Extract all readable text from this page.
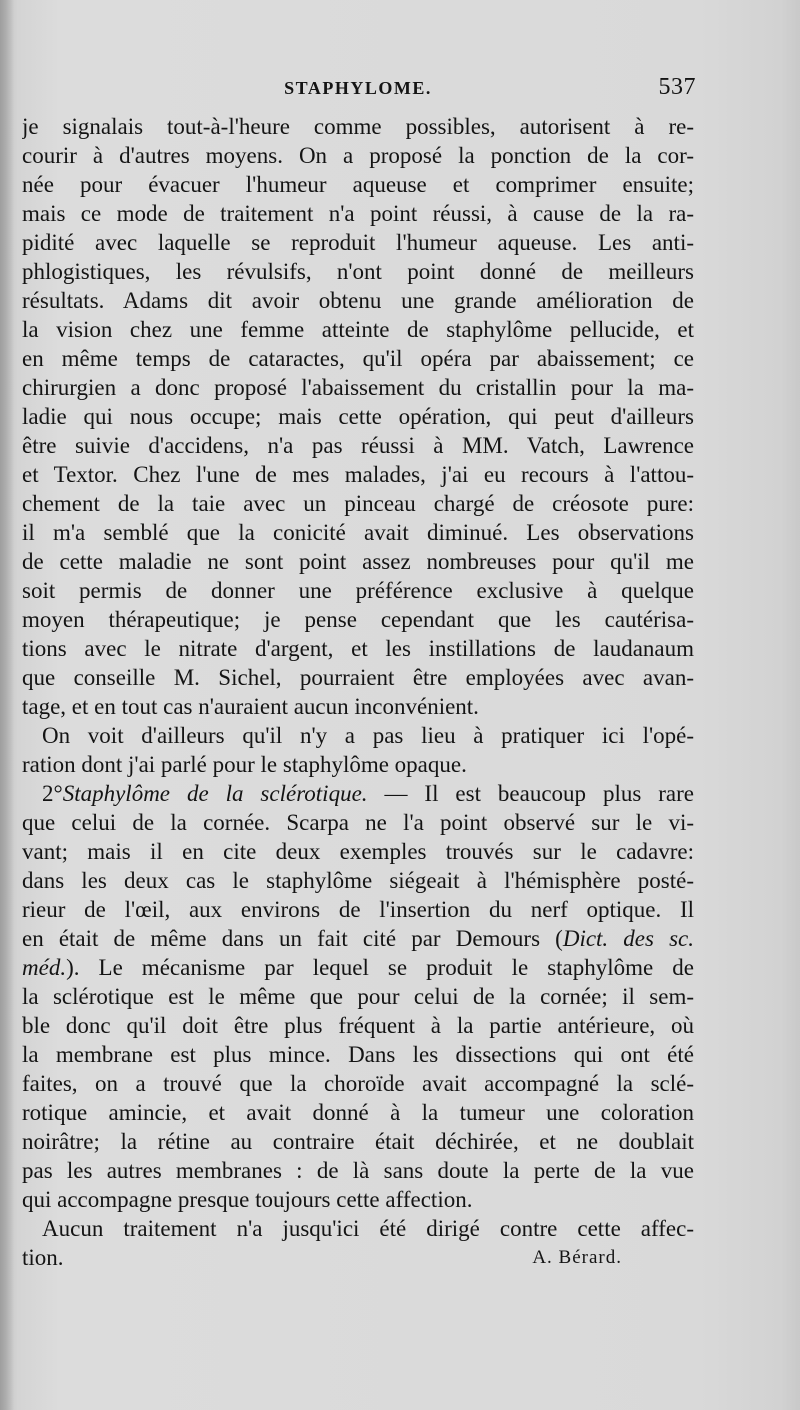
STAPHYLOME.	537
je signalais tout-à-l'heure comme possibles, autorisent à re-
courir à d'autres moyens. On a proposé la ponction de la cor-
née pour évacuer l'humeur aqueuse et comprimer ensuite;
mais ce mode de traitement n'a point réussi, à cause de la ra-
pidité avec laquelle se reproduit l'humeur aqueuse. Les anti-
phlogistiques, les révulsifs, n'ont point donné de meilleurs
résultats. Adams dit avoir obtenu une grande amélioration de
la vision chez une femme atteinte de staphylôme pellucide, et
en même temps de cataractes, qu'il opéra par abaissement; ce
chirurgien a donc proposé l'abaissement du cristallin pour la ma-
ladie qui nous occupe; mais cette opération, qui peut d'ailleurs
être suivie d'accidens, n'a pas réussi à MM. Vatch, Lawrence
et Textor. Chez l'une de mes malades, j'ai eu recours à l'attou-
chement de la taie avec un pinceau chargé de créosote pure:
il m'a semblé que la conicité avait diminué. Les observations
de cette maladie ne sont point assez nombreuses pour qu'il me
soit permis de donner une préférence exclusive à quelque
moyen thérapeutique; je pense cependant que les cautérisa-
tions avec le nitrate d'argent, et les instillations de laudanaum
que conseille M. Sichel, pourraient être employées avec avan-
tage, et en tout cas n'auraient aucun inconvénient.
On voit d'ailleurs qu'il n'y a pas lieu à pratiquer ici l'opé-
ration dont j'ai parlé pour le staphylôme opaque.
2°Staphylôme de la sclérotique. — Il est beaucoup plus rare
que celui de la cornée. Scarpa ne l'a point observé sur le vi-
vant; mais il en cite deux exemples trouvés sur le cadavre:
dans les deux cas le staphylôme siégeait à l'hémisphère posté-
rieur de l'œil, aux environs de l'insertion du nerf optique. Il
en était de même dans un fait cité par Demours (Dict. des sc.
méd.). Le mécanisme par lequel se produit le staphylôme de
la sclérotique est le même que pour celui de la cornée; il sem-
ble donc qu'il doit être plus fréquent à la partie antérieure, où
la membrane est plus mince. Dans les dissections qui ont été
faites, on a trouvé que la choroïde avait accompagné la sclé-
rotique amincie, et avait donné à la tumeur une coloration
noirâtre; la rétine au contraire était déchirée, et ne doublait
pas les autres membranes : de là sans doute la perte de la vue
qui accompagne presque toujours cette affection.
Aucun traitement n'a jusqu'ici été dirigé contre cette affec-
tion.	A. Bérard.
